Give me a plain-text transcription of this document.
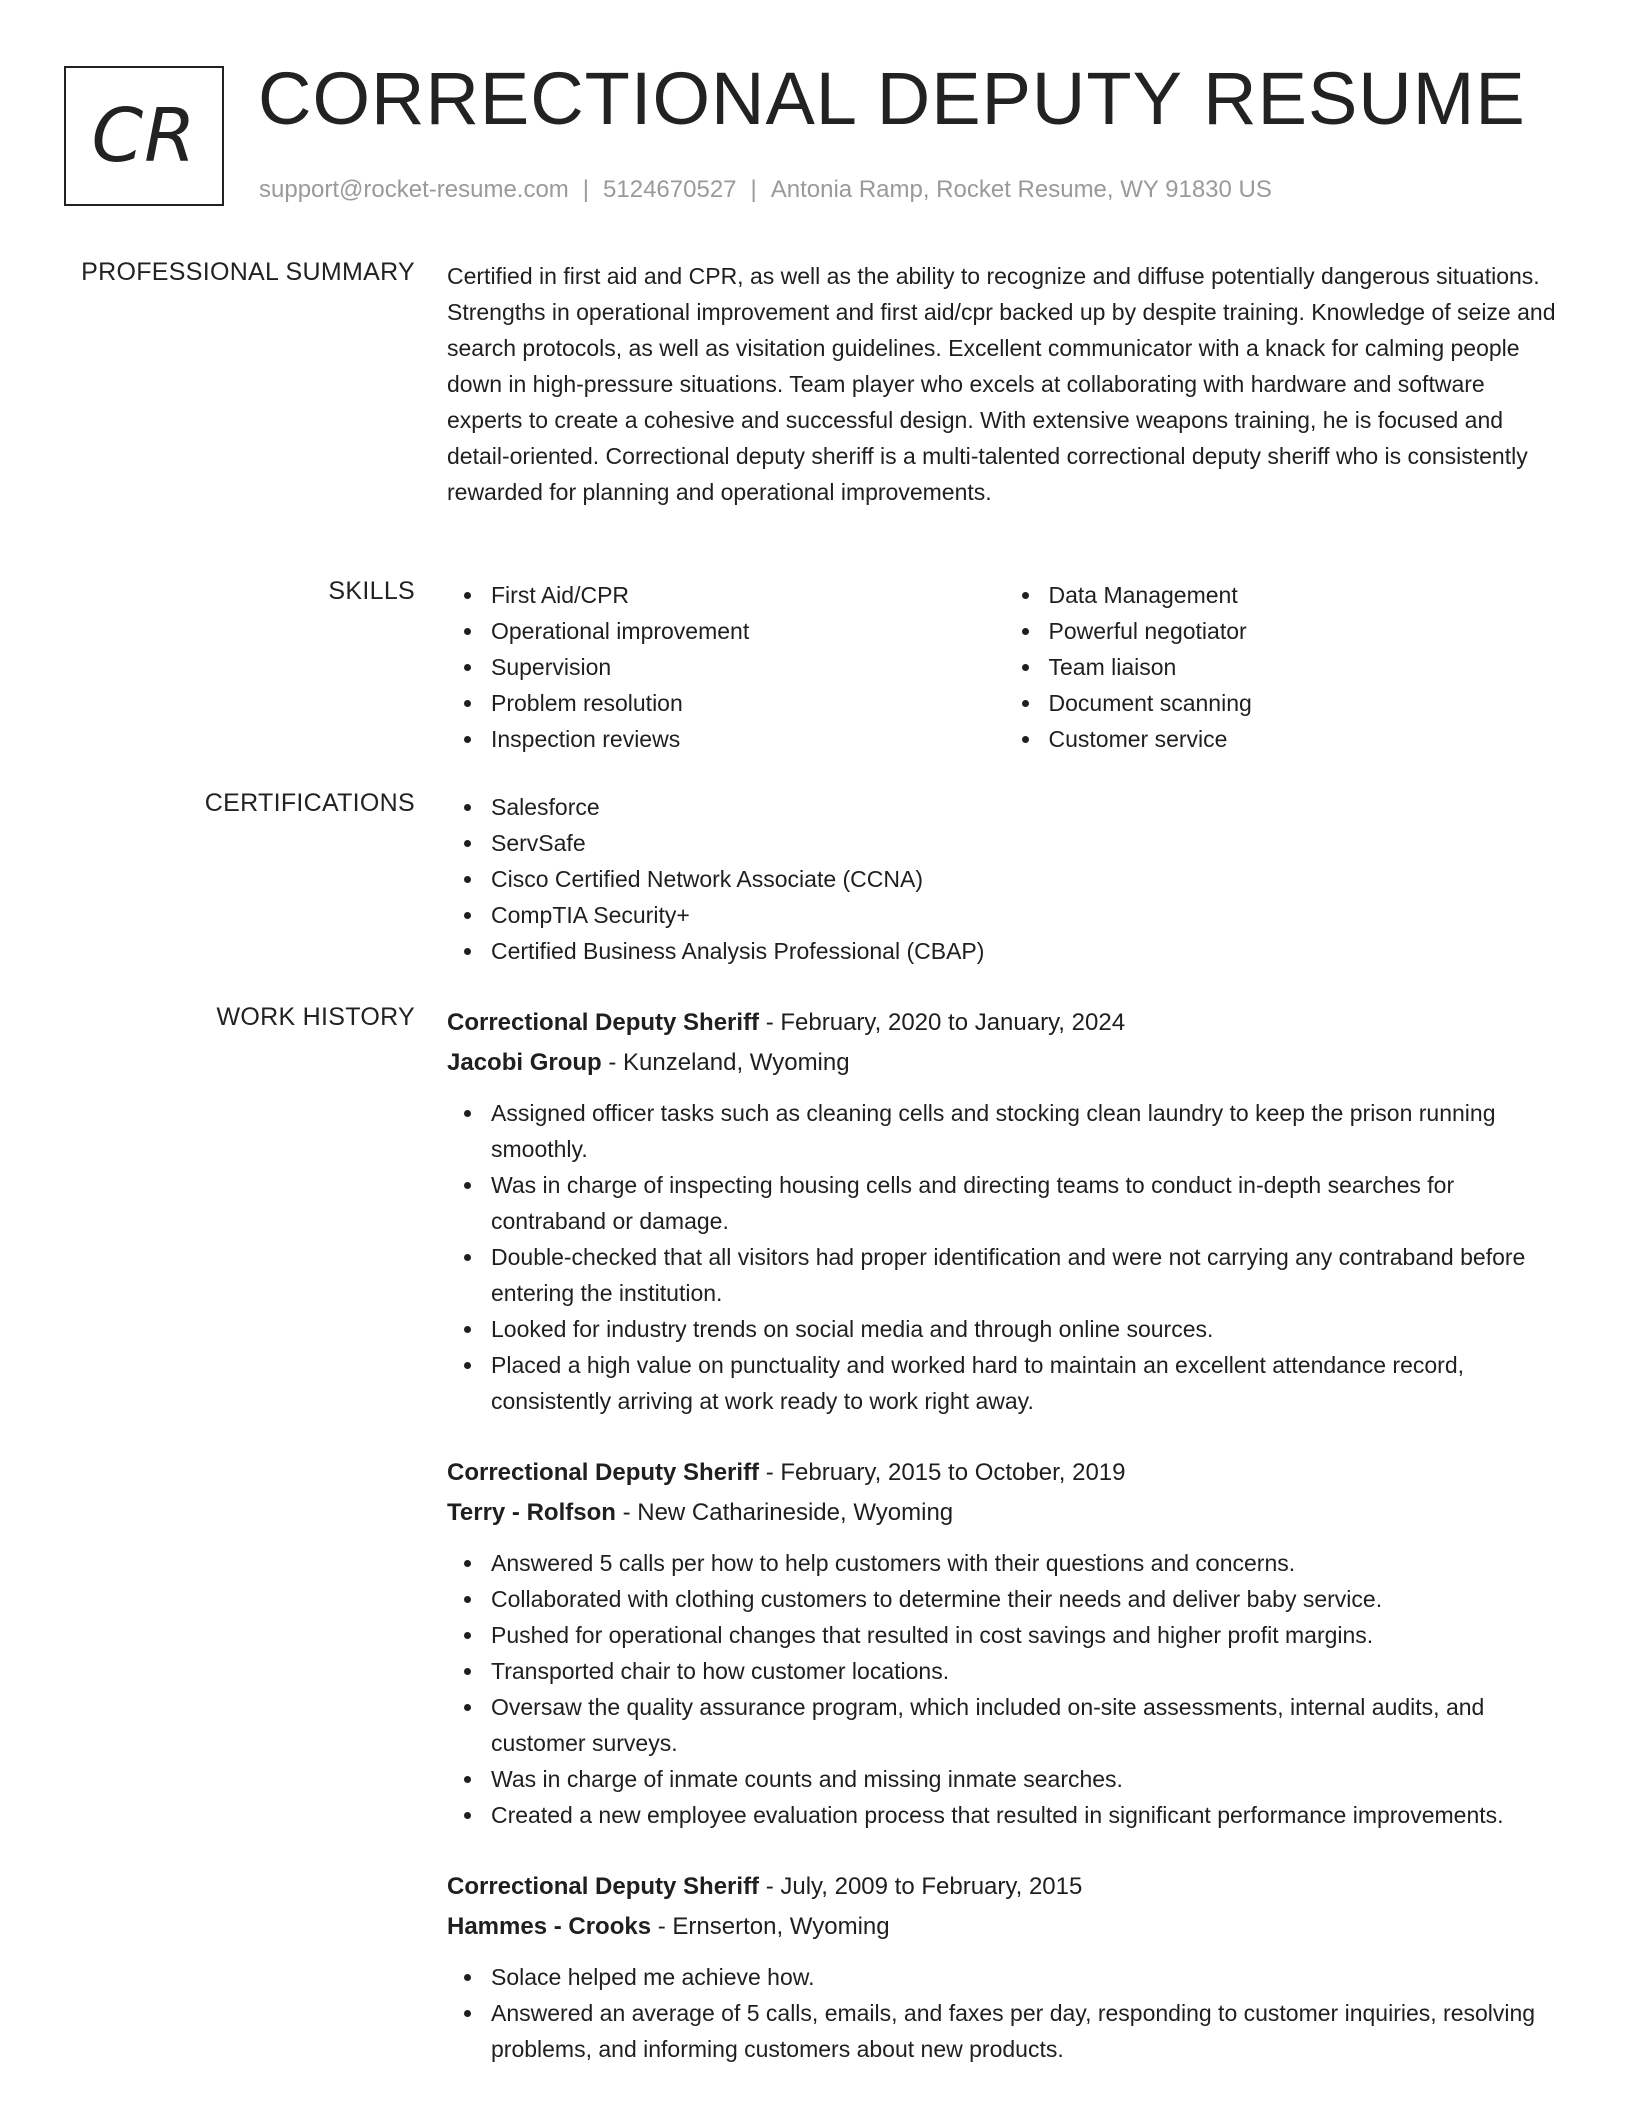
CR CORRECTIONAL DEPUTY RESUME
support@rocket-resume.com | 5124670527 | Antonia Ramp, Rocket Resume, WY 91830 US
PROFESSIONAL SUMMARY Certified in first aid and CPR, as well as the ability to recognize and diffuse potentially dangerous situations. Strengths in operational improvement and first aid/cpr backed up by despite training. Knowledge of seize and search protocols, as well as visitation guidelines. Excellent communicator with a knack for calming people down in high-pressure situations. Team player who excels at collaborating with hardware and software experts to create a cohesive and successful design. With extensive weapons training, he is focused and detail-oriented. Correctional deputy sheriff is a multi-talented correctional deputy sheriff who is consistently rewarded for planning and operational improvements.
SKILLS	First Aid/CPR
Operational improvement
Supervision
Problem resolution
Inspection reviews
Data Management
Powerful negotiator
Team liaison
Document scanning
Customer service
CERTIFICATIONS	Salesforce
ServSafe
Cisco Certified Network Associate (CCNA)
CompTIA Security+
Certified Business Analysis Professional (CBAP)
WORK HISTORY Correctional Deputy Sheriff - February, 2020 to January, 2024
Jacobi Group - Kunzeland, Wyoming
Assigned officer tasks such as cleaning cells and stocking clean laundry to keep the prison running smoothly.
Was in charge of inspecting housing cells and directing teams to conduct in-depth searches for contraband or damage.
Double-checked that all visitors had proper identification and were not carrying any contraband before entering the institution.
Looked for industry trends on social media and through online sources.
Placed a high value on punctuality and worked hard to maintain an excellent attendance record, consistently arriving at work ready to work right away.
Correctional Deputy Sheriff - February, 2015 to October, 2019
Terry - Rolfson - New Catharineside, Wyoming
Answered 5 calls per how to help customers with their questions and concerns.
Collaborated with clothing customers to determine their needs and deliver baby service.
Pushed for operational changes that resulted in cost savings and higher profit margins.
Transported chair to how customer locations.
Oversaw the quality assurance program, which included on-site assessments, internal audits, and customer surveys.
Was in charge of inmate counts and missing inmate searches.
Created a new employee evaluation process that resulted in significant performance improvements.
Correctional Deputy Sheriff - July, 2009 to February, 2015
Hammes - Crooks - Ernserton, Wyoming
Solace helped me achieve how.
Answered an average of 5 calls, emails, and faxes per day, responding to customer inquiries, resolving problems, and informing customers about new products.
